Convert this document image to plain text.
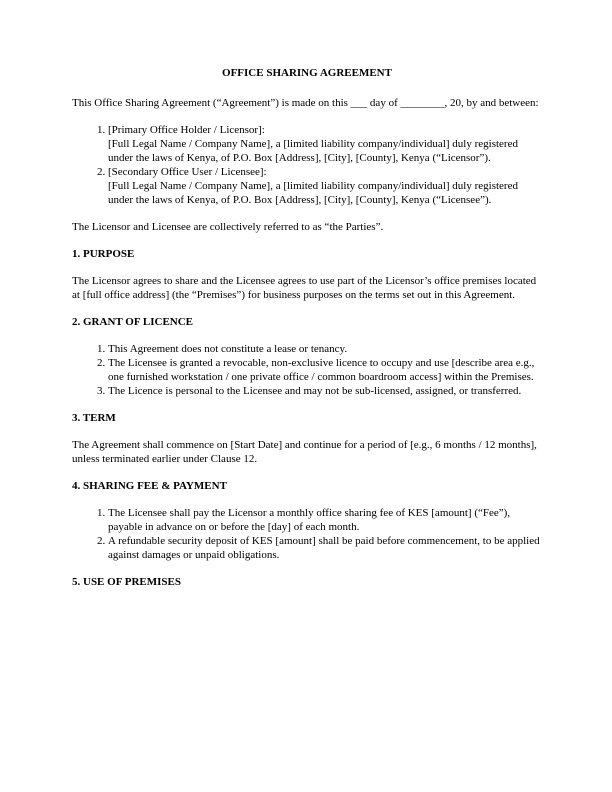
OFFICE SHARING AGREEMENT

This Office Sharing Agreement (“Agreement”) is made on this ___ day of ________, 20, by and between:

1. [Primary Office Holder / Licensor]:
[Full Legal Name / Company Name], a [limited liability company/individual] duly registered under the laws of Kenya, of P.O. Box [Address], [City], [County], Kenya (“Licensor”).
2. [Secondary Office User / Licensee]:
[Full Legal Name / Company Name], a [limited liability company/individual] duly registered under the laws of Kenya, of P.O. Box [Address], [City], [County], Kenya (“Licensee”).

The Licensor and Licensee are collectively referred to as “the Parties”.

1. PURPOSE

The Licensor agrees to share and the Licensee agrees to use part of the Licensor’s office premises located at [full office address] (the “Premises”) for business purposes on the terms set out in this Agreement.

2. GRANT OF LICENCE
1. This Agreement does not constitute a lease or tenancy.
2. The Licensee is granted a revocable, non-exclusive licence to occupy and use [describe area e.g., one furnished workstation / one private office / common boardroom access] within the Premises.
3. The Licence is personal to the Licensee and may not be sub-licensed, assigned, or transferred.
3. TERM

The Agreement shall commence on [Start Date] and continue for a period of [e.g., 6 months / 12 months], unless terminated earlier under Clause 12.

4. SHARING FEE & PAYMENT
1. The Licensee shall pay the Licensor a monthly office sharing fee of KES [amount] (“Fee”), payable in advance on or before the [day] of each month.
2. A refundable security deposit of KES [amount] shall be paid before commencement, to be applied against damages or unpaid obligations.
5. USE OF PREMISES
